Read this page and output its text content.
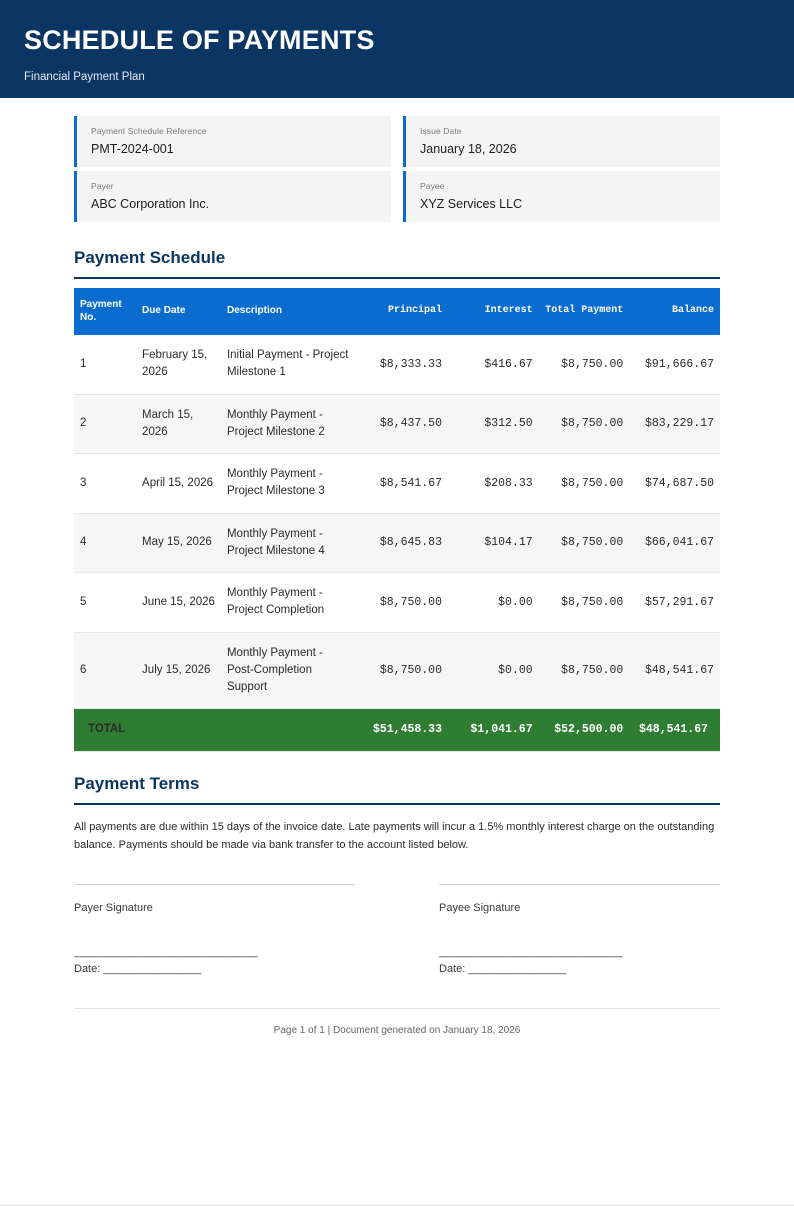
SCHEDULE OF PAYMENTS
Financial Payment Plan
Payment Schedule Reference
PMT-2024-001
Issue Date
January 18, 2026
Payer
ABC Corporation Inc.
Payee
XYZ Services LLC
Payment Schedule
Payment No.	Due Date	Description	Principal	Interest	Total Payment	Balance
1	February 15, 2026	Initial Payment - Project Milestone 1	$8,333.33	$416.67	$8,750.00	$91,666.67
2	March 15, 2026	Monthly Payment - Project Milestone 2	$8,437.50	$312.50	$8,750.00	$83,229.17
3	April 15, 2026	Monthly Payment - Project Milestone 3	$8,541.67	$208.33	$8,750.00	$74,687.50
4	May 15, 2026	Monthly Payment - Project Milestone 4	$8,645.83	$104.17	$8,750.00	$66,041.67
5	June 15, 2026	Monthly Payment - Project Completion	$8,750.00	$0.00	$8,750.00	$57,291.67
6	July 15, 2026	Monthly Payment - Post-Completion Support	$8,750.00	$0.00	$8,750.00	$48,541.67
TOTAL			$51,458.33	$1,041.67	$52,500.00	$48,541.67
Payment Terms

All payments are due within 15 days of the invoice date. Late payments will incur a 1.5% monthly interest charge on the outstanding balance. Payments should be made via bank transfer to the account listed below.

Payer Signature
______________________________
Date: ________________
Payee Signature
______________________________
Date: ________________
Page 1 of 1 | Document generated on January 18, 2026
